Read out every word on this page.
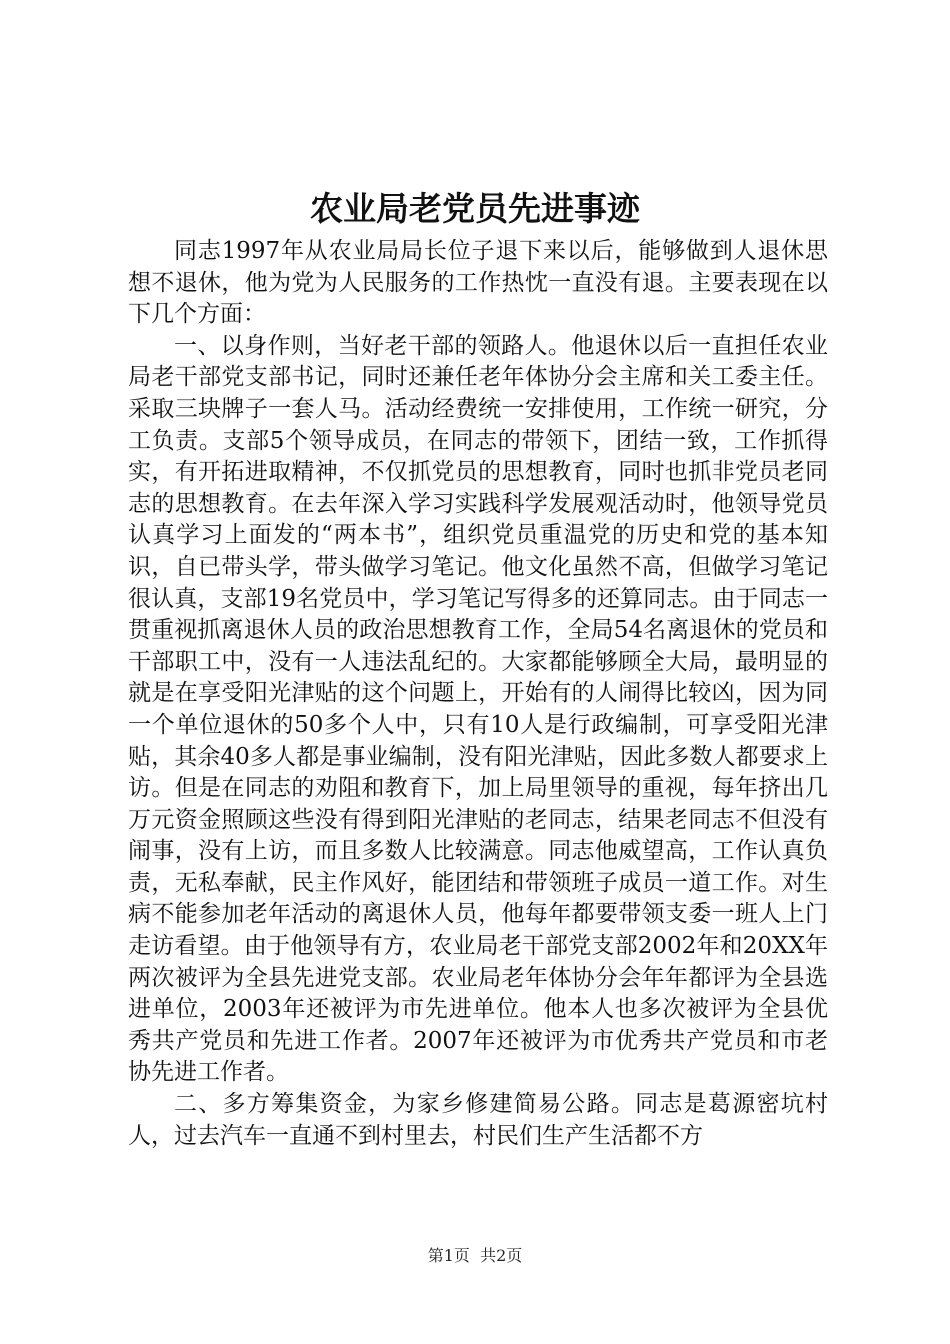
农业局老党员先进事迹

同志1997年从农业局局长位子退下来以后，能够做到人退休思想不退休，他为党为人民服务的工作热忱一直没有退。主要表现在以下几个方面：

一、以身作则，当好老干部的领路人。他退休以后一直担任农业局老干部党支部书记，同时还兼任老年体协分会主席和关工委主任。采取三块牌子一套人马。活动经费统一安排使用，工作统一研究，分工负责。支部5个领导成员，在同志的带领下，团结一致，工作抓得实，有开拓进取精神，不仅抓党员的思想教育，同时也抓非党员老同志的思想教育。在去年深入学习实践科学发展观活动时，他领导党员认真学习上面发的“两本书”，组织党员重温党的历史和党的基本知识，自已带头学，带头做学习笔记。他文化虽然不高，但做学习笔记很认真，支部19名党员中，学习笔记写得多的还算同志。由于同志一贯重视抓离退休人员的政治思想教育工作，全局54名离退休的党员和干部职工中，没有一人违法乱纪的。大家都能够顾全大局，最明显的就是在享受阳光津贴的这个问题上，开始有的人闹得比较凶，因为同一个单位退休的50多个人中，只有10人是行政编制，可享受阳光津贴，其余40多人都是事业编制，没有阳光津贴，因此多数人都要求上访。但是在同志的劝阻和教育下，加上局里领导的重视，每年挤出几万元资金照顾这些没有得到阳光津贴的老同志，结果老同志不但没有闹事，没有上访，而且多数人比较满意。同志他威望高，工作认真负责，无私奉献，民主作风好，能团结和带领班子成员一道工作。对生病不能参加老年活动的离退休人员，他每年都要带领支委一班人上门走访看望。由于他领导有方，农业局老干部党支部2002年和20XX年两次被评为全县先进党支部。农业局老年体协分会年年都评为全县选进单位，2003年还被评为市先进单位。他本人也多次被评为全县优秀共产党员和先进工作者。2007年还被评为市优秀共产党员和市老协先进工作者。

二、多方筹集资金，为家乡修建简易公路。同志是葛源密坑村人，过去汽车一直通不到村里去，村民们生产生活都不方

第1页  共2页
